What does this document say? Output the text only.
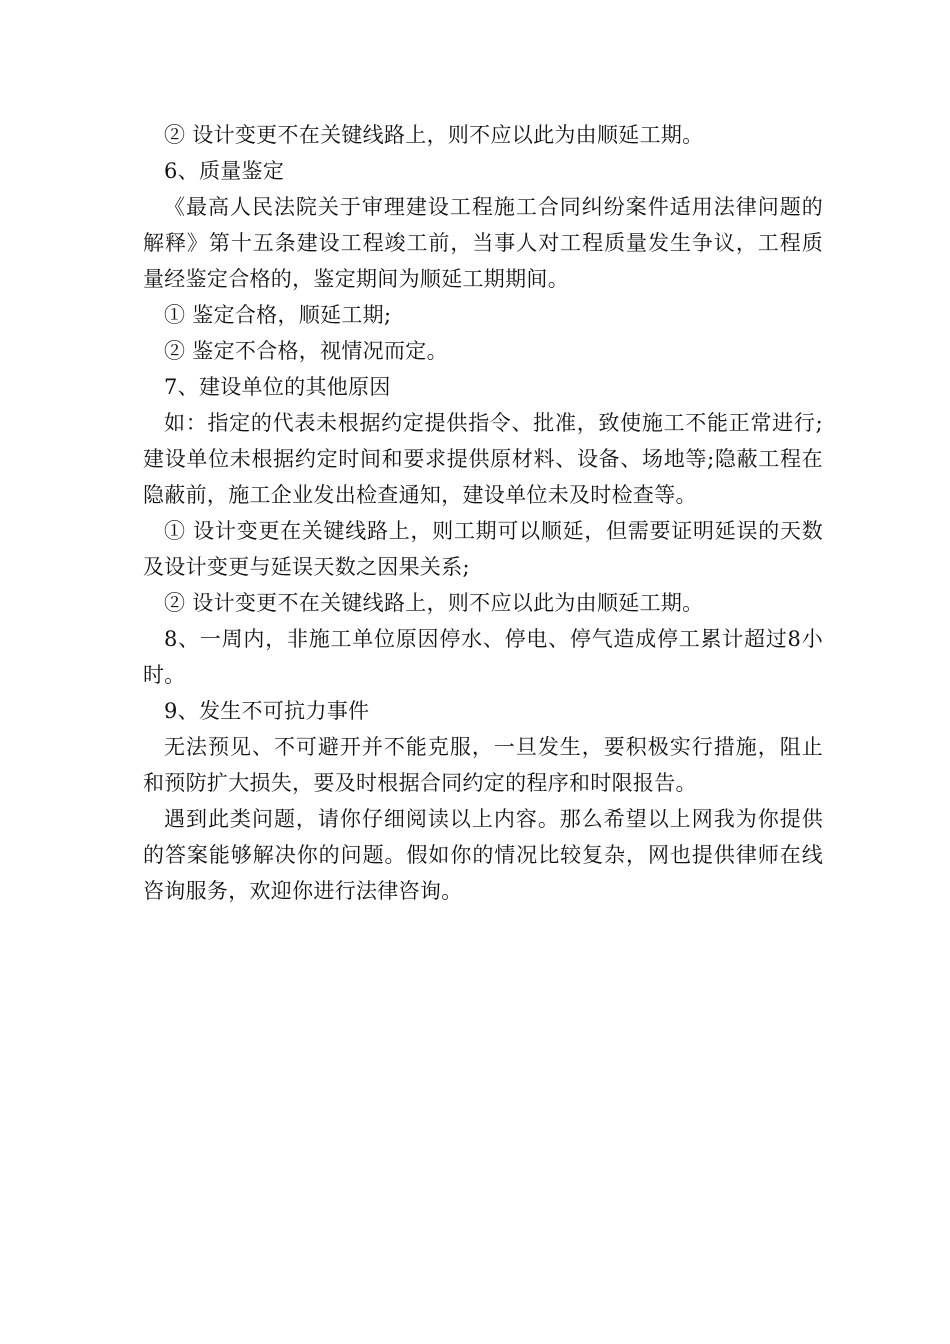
② 设计变更不在关键线路上，则不应以此为由顺延工期。

6、质量鉴定

《最高人民法院关于审理建设工程施工合同纠纷案件适用法律问题的解释》第十五条建设工程竣工前，当事人对工程质量发生争议，工程质量经鉴定合格的，鉴定期间为顺延工期期间。

① 鉴定合格，顺延工期;

② 鉴定不合格，视情况而定。

7、建设单位的其他原因

如：指定的代表未根据约定提供指令、批准，致使施工不能正常进行;建设单位未根据约定时间和要求提供原材料、设备、场地等;隐蔽工程在隐蔽前，施工企业发出检查通知，建设单位未及时检查等。

① 设计变更在关键线路上，则工期可以顺延，但需要证明延误的天数及设计变更与延误天数之因果关系;

② 设计变更不在关键线路上，则不应以此为由顺延工期。

8、一周内，非施工单位原因停水、停电、停气造成停工累计超过8小时。

9、发生不可抗力事件

无法预见、不可避开并不能克服，一旦发生，要积极实行措施，阻止和预防扩大损失，要及时根据合同约定的程序和时限报告。

遇到此类问题，请你仔细阅读以上内容。那么希望以上网我为你提供的答案能够解决你的问题。假如你的情况比较复杂，网也提供律师在线咨询服务，欢迎你进行法律咨询。
